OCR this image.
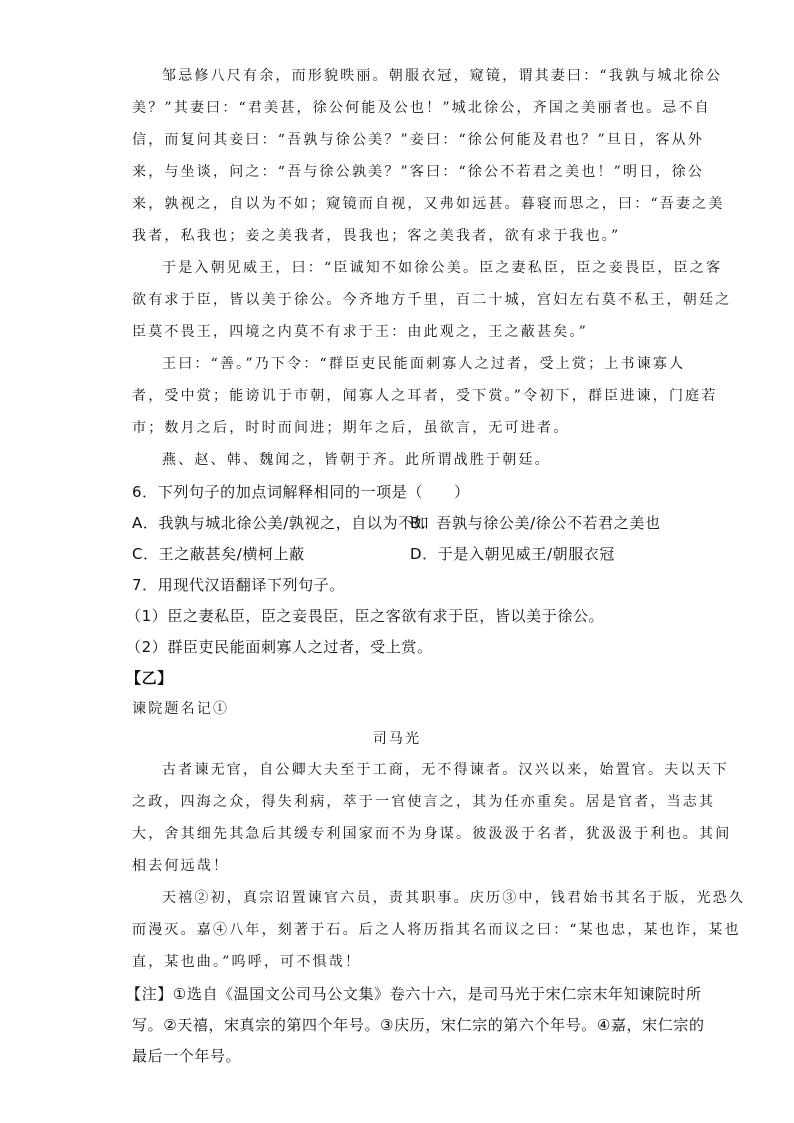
邹忌修八尺有余，而形貌昳丽。朝服衣冠，窥镜，谓其妻曰：“我孰与城北徐公
美？”其妻曰：“君美甚，徐公何能及公也！”城北徐公，齐国之美丽者也。忌不自
信，而复问其妾曰：“吾孰与徐公美？”妾曰：“徐公何能及君也？”旦日，客从外
来，与坐谈，问之：“吾与徐公孰美？”客曰：“徐公不若君之美也！”明日，徐公
来，孰视之，自以为不如；窥镜而自视，又弗如远甚。暮寝而思之，曰：“吾妻之美
我者，私我也；妾之美我者，畏我也；客之美我者，欲有求于我也。”
于是入朝见威王，曰：“臣诚知不如徐公美。臣之妻私臣，臣之妾畏臣，臣之客
欲有求于臣，皆以美于徐公。今齐地方千里，百二十城，宫妇左右莫不私王，朝廷之
臣莫不畏王，四境之内莫不有求于王：由此观之，王之蔽甚矣。”
王曰：“善。”乃下令：“群臣吏民能面刺寡人之过者，受上赏；上书谏寡人
者，受中赏；能谤讥于市朝，闻寡人之耳者，受下赏。”令初下，群臣进谏，门庭若
市；数月之后，时时而间进；期年之后，虽欲言，无可进者。
燕、赵、韩、魏闻之，皆朝于齐。此所谓战胜于朝廷。
6．下列句子的加点词解释相同的一项是（　　）
A．我孰与城北徐公美/孰视之，自以为不如
B．吾孰与徐公美/徐公不若君之美也
C．王之蔽甚矣/横柯上蔽	D．于是入朝见威王/朝服衣冠
7．用现代汉语翻译下列句子。
（1）臣之妻私臣，臣之妾畏臣，臣之客欲有求于臣，皆以美于徐公。
（2）群臣吏民能面刺寡人之过者，受上赏。
【乙】
谏院题名记①
司马光
古者谏无官，自公卿大夫至于工商，无不得谏者。汉兴以来，始置官。夫以天下
之政，四海之众，得失利病，萃于一官使言之，其为任亦重矣。居是官者，当志其
大，舍其细先其急后其缓专利国家而不为身谋。彼汲汲于名者，犹汲汲于利也。其间
相去何远哉！
天禧②初，真宗诏置谏官六员，责其职事。庆历③中，钱君始书其名于版，光恐久
而漫灭。嘉④八年，刻著于石。后之人将历指其名而议之曰：“某也忠，某也诈，某也
直，某也曲。”呜呼，可不惧哉！
【注】①选自《温国文公司马公文集》卷六十六，是司马光于宋仁宗末年知谏院时所
写。②天禧，宋真宗的第四个年号。③庆历，宋仁宗的第六个年号。④嘉，宋仁宗的
最后一个年号。
